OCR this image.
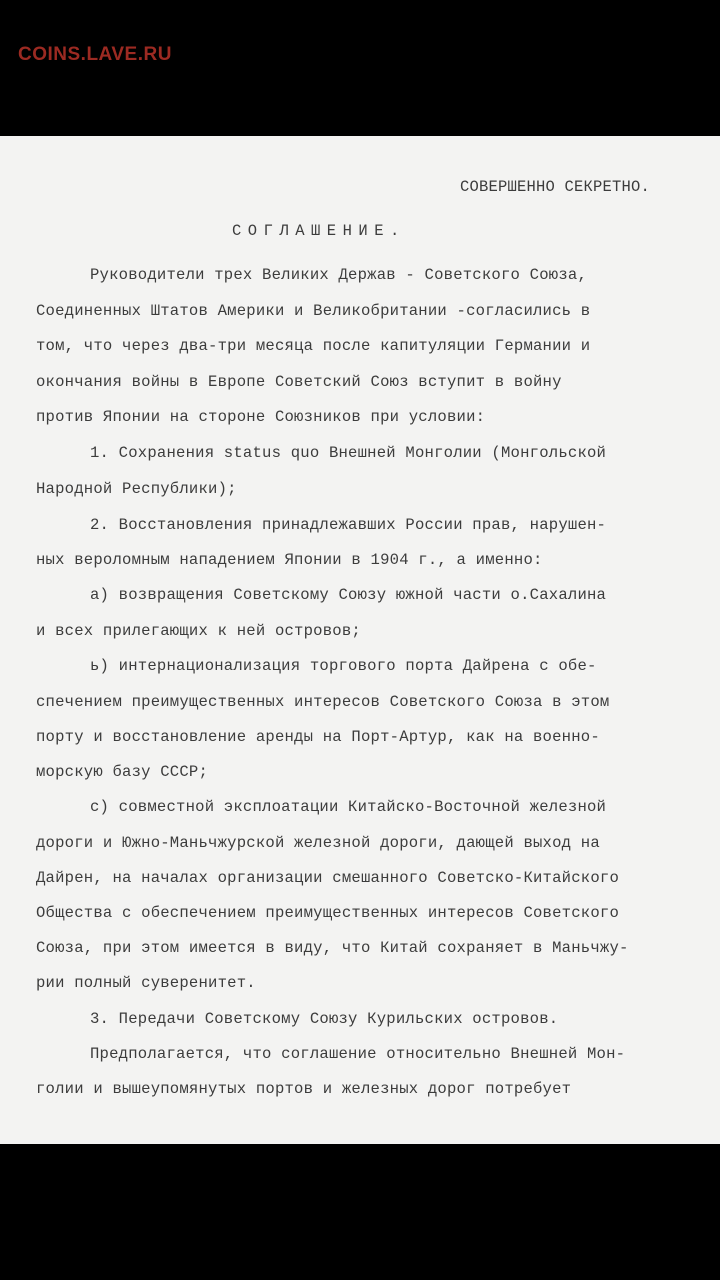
COINS.LAVE.RU
СОВЕРШЕННО СЕКРЕТНО.
СОГЛАШЕНИЕ.
Руководители трех Великих Держав - Советского Союза,
Соединенных Штатов Америки и Великобритании -согласились в
том, что через два-три месяца после капитуляции Германии и
окончания войны в Европе Советский Союз вступит в войну
против Японии на стороне Союзников при условии:
1. Сохранения status quo Внешней Монголии (Монгольской
Народной Республики);
2. Восстановления принадлежавших России прав, нарушен-
ных вероломным нападением Японии в 1904 г., а именно:
а) возвращения Советскому Союзу южной части о.Сахалина
и всех прилегающих к ней островов;
ь) интернационализация торгового порта Дайрена с обе-
спечением преимущественных интересов Советского Союза в этом
порту и восстановление аренды на Порт-Артур, как на военно-
морскую базу СССР;
с) совместной эксплоатации Китайско-Восточной железной
дороги и Южно-Маньчжурской железной дороги, дающей выход на
Дайрен, на началах организации смешанного Советско-Китайского
Общества с обеспечением преимущественных интересов Советского
Союза, при этом имеется в виду, что Китай сохраняет в Маньчжу-
рии полный суверенитет.
3. Передачи Советскому Союзу Курильских островов.
Предполагается, что соглашение относительно Внешней Мон-
голии и вышеупомянутых портов и железных дорог потребует
